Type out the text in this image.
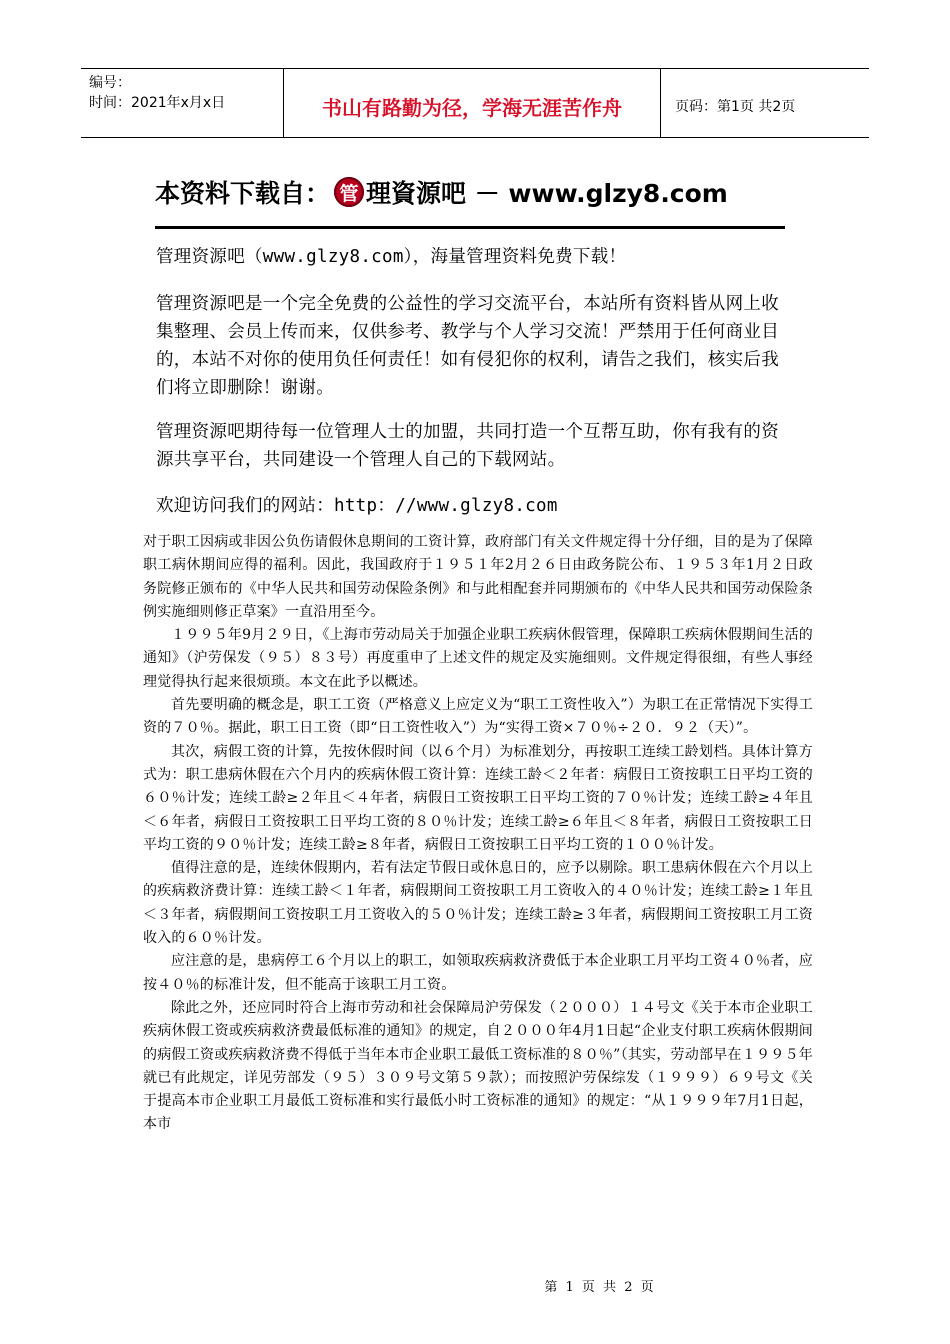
编号：
时间：2021年x月x日	书山有路勤为径，学海无涯苦作舟	页码：第1页 共2页
本资料下载自： 管 理資源吧 － www.glzy8.com
管理资源吧（www.glzy8.com），海量管理资料免费下载！
管理资源吧是一个完全免费的公益性的学习交流平台，本站所有资料皆从网上收集整理、会员上传而来，仅供参考、教学与个人学习交流！严禁用于任何商业目的，本站不对你的使用负任何责任！如有侵犯你的权利，请告之我们，核实后我们将立即删除！谢谢。
管理资源吧期待每一位管理人士的加盟，共同打造一个互帮互助，你有我有的资源共享平台，共同建设一个管理人自己的下载网站。
欢迎访问我们的网站：http：//www.glzy8.com

对于职工因病或非因公负伤请假休息期间的工资计算，政府部门有关文件规定得十分仔细，目的是为了保障职工病休期间应得的福利。因此，我国政府于１９５１年2月２６日由政务院公布、１９５３年1月２日政务院修正颁布的《中华人民共和国劳动保险条例》和与此相配套并同期颁布的《中华人民共和国劳动保险条例实施细则修正草案》一直沿用至今。

１９９５年9月２９日，《上海市劳动局关于加强企业职工疾病休假管理，保障职工疾病休假期间生活的通知》（沪劳保发（９５）８３号）再度重申了上述文件的规定及实施细则。文件规定得很细，有些人事经理觉得执行起来很烦琐。本文在此予以概述。

首先要明确的概念是，职工工资（严格意义上应定义为“职工工资性收入”）为职工在正常情况下实得工资的７０％。据此，职工日工资（即“日工资性收入”）为“实得工资×７０％÷２０．９２（天）”。

其次，病假工资的计算，先按休假时间（以６个月）为标准划分，再按职工连续工龄划档。具体计算方式为：职工患病休假在六个月内的疾病休假工资计算：连续工龄＜２年者：病假日工资按职工日平均工资的６０％计发；连续工龄≥２年且＜４年者，病假日工资按职工日平均工资的７０％计发；连续工龄≥４年且＜６年者，病假日工资按职工日平均工资的８０％计发；连续工龄≥６年且＜８年者，病假日工资按职工日平均工资的９０％计发；连续工龄≥８年者，病假日工资按职工日平均工资的１００％计发。

值得注意的是，连续休假期内，若有法定节假日或休息日的，应予以剔除。职工患病休假在六个月以上的疾病救济费计算：连续工龄＜１年者，病假期间工资按职工月工资收入的４０％计发；连续工龄≥１年且＜３年者，病假期间工资按职工月工资收入的５０％计发；连续工龄≥３年者，病假期间工资按职工月工资收入的６０％计发。

应注意的是，患病停工６个月以上的职工，如领取疾病救济费低于本企业职工月平均工资４０％者，应按４０％的标准计发，但不能高于该职工月工资。

除此之外，还应同时符合上海市劳动和社会保障局沪劳保发（２０００）１４号文《关于本市企业职工疾病休假工资或疾病救济费最低标准的通知》的规定，自２０００年4月1日起“企业支付职工疾病休假期间的病假工资或疾病救济费不得低于当年本市企业职工最低工资标准的８０％”（其实，劳动部早在１９９５年就已有此规定，详见劳部发（９５）３０９号文第５９款）；而按照沪劳保综发（１９９９）６９号文《关于提高本市企业职工月最低工资标准和实行最低小时工资标准的通知》的规定：“从１９９９年7月1日起，本市

第 1 页 共 2 页
